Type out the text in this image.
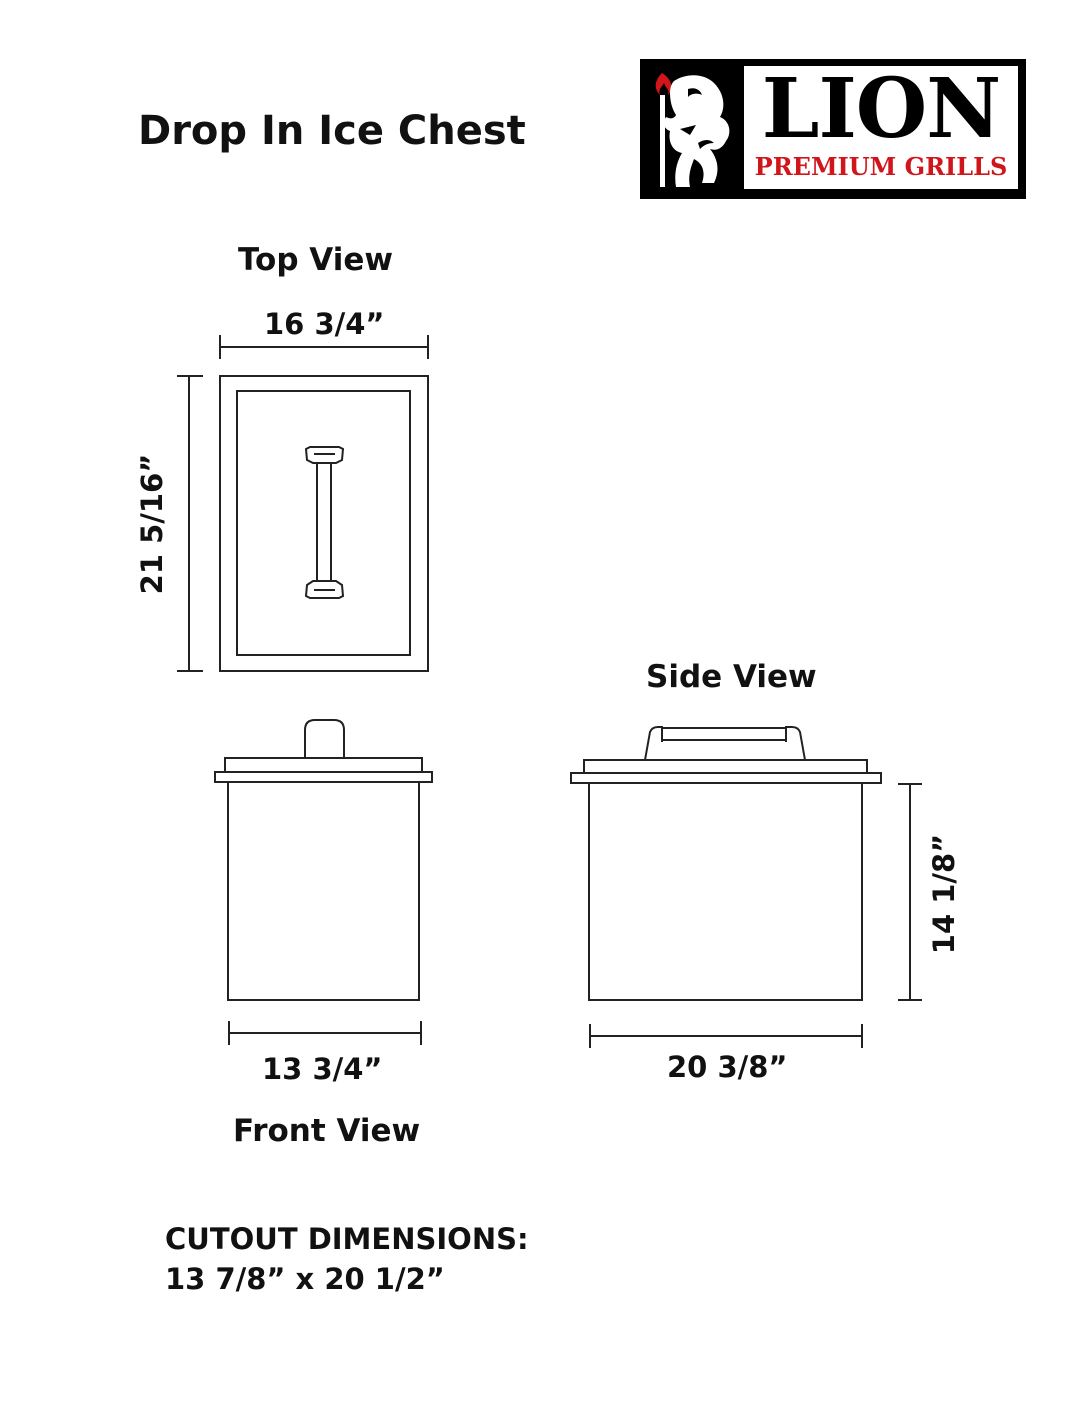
Drop In Ice Chest	LION
PREMIUM GRILLS
Top View
16 3/4”
21 5/16”
13 3/4”
Front View
Side View
20 3/8”
14 1/8”
CUTOUT DIMENSIONS:
13 7/8” x 20 1/2”
